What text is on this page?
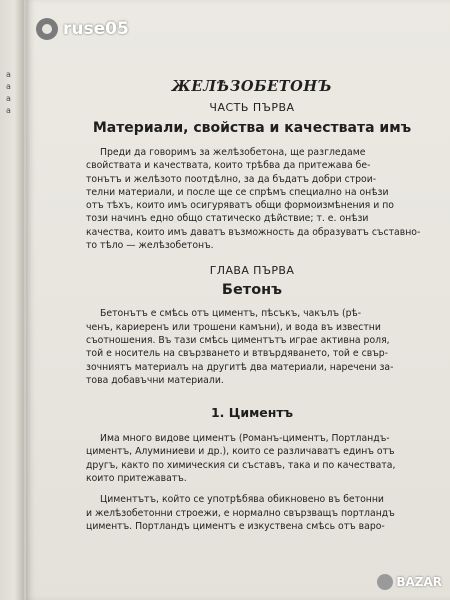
а
а
а
а
ruse05
ЖЕЛѢЗОБЕТОНЪ
ЧАСТЬ ПЪРВА
Материали, свойства и качествата имъ

Преди да говоримъ за желѣзобетона, ще разгледаме
свойствата и качествата, които трѣбва да притежава бе-
тонътъ и желѣзото поотдѣлно, за да бъдатъ добри строи-
телни материали, и после ще се спрѣмъ специално на онѣзи
отъ тѣхъ, които имъ осигуряватъ общи формоизмѣнения и по
този начинъ едно общо статическо дѣйствие; т. е. онѣзи
качества, които имъ даватъ възможность да образуватъ съставно-
то тѣло — желѣзобетонъ.

ГЛАВА ПЪРВА
Бетонъ

Бетонътъ е смѣсь отъ циментъ, пѣсъкъ, чакълъ (рѣ-
ченъ, кариеренъ или трошени камъни), и вода въ известни
съотношения. Въ тази смѣсь циментътъ играе активна роля,
той е носитель на свързването и втвърдяването, той е свър-
зочниятъ материалъ на другитѣ два материали, наречени за-
това добавъчни материали.

1. Циментъ

Има много видове циментъ (Романъ-циментъ, Портландъ-
циментъ, Алуминиеви и др.), които се различаватъ единъ отъ
другъ, както по химическия си съставъ, така и по качествата,
които притежаватъ.

Циментътъ, който се употрѣбява обикновено въ бетонни
и желѣзобетонни строежи, е нормално свързващъ портландъ
циментъ. Портландъ циментъ е изкуствена смѣсь отъ варо-

BAZAR
